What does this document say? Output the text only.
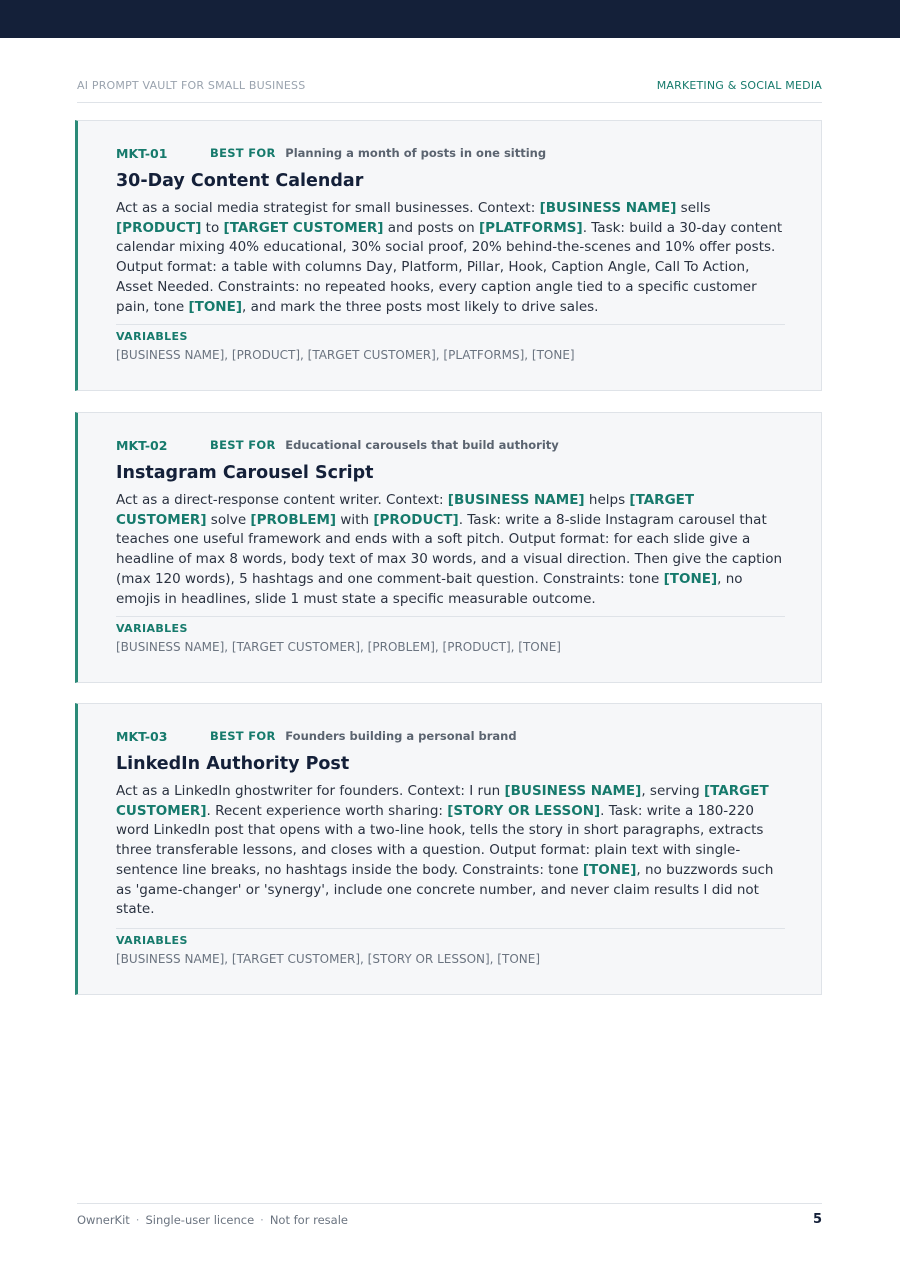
AI PROMPT VAULT FOR SMALL BUSINESS	MARKETING & SOCIAL MEDIA
MKT-01	BEST FOR Planning a month of posts in one sitting
30-Day Content Calendar
Act as a social media strategist for small businesses. Context: [BUSINESS NAME] sells [PRODUCT] to [TARGET CUSTOMER] and posts on [PLATFORMS]. Task: build a 30-day content calendar mixing 40% educational, 30% social proof, 20% behind-the-scenes and 10% offer posts. Output format: a table with columns Day, Platform, Pillar, Hook, Caption Angle, Call To Action, Asset Needed. Constraints: no repeated hooks, every caption angle tied to a specific customer pain, tone [TONE], and mark the three posts most likely to drive sales.
VARIABLES
[BUSINESS NAME], [PRODUCT], [TARGET CUSTOMER], [PLATFORMS], [TONE]
MKT-02	BEST FOR Educational carousels that build authority
Instagram Carousel Script
Act as a direct-response content writer. Context: [BUSINESS NAME] helps [TARGET CUSTOMER] solve [PROBLEM] with [PRODUCT]. Task: write a 8-slide Instagram carousel that teaches one useful framework and ends with a soft pitch. Output format: for each slide give a headline of max 8 words, body text of max 30 words, and a visual direction. Then give the caption (max 120 words), 5 hashtags and one comment-bait question. Constraints: tone [TONE], no emojis in headlines, slide 1 must state a specific measurable outcome.
VARIABLES
[BUSINESS NAME], [TARGET CUSTOMER], [PROBLEM], [PRODUCT], [TONE]
MKT-03	BEST FOR Founders building a personal brand
LinkedIn Authority Post
Act as a LinkedIn ghostwriter for founders. Context: I run [BUSINESS NAME], serving [TARGET CUSTOMER]. Recent experience worth sharing: [STORY OR LESSON]. Task: write a 180-220 word LinkedIn post that opens with a two-line hook, tells the story in short paragraphs, extracts three transferable lessons, and closes with a question. Output format: plain text with single-sentence line breaks, no hashtags inside the body. Constraints: tone [TONE], no buzzwords such as 'game-changer' or 'synergy', include one concrete number, and never claim results I did not state.
VARIABLES
[BUSINESS NAME], [TARGET CUSTOMER], [STORY OR LESSON], [TONE]
OwnerKit · Single-user licence · Not for resale	5
